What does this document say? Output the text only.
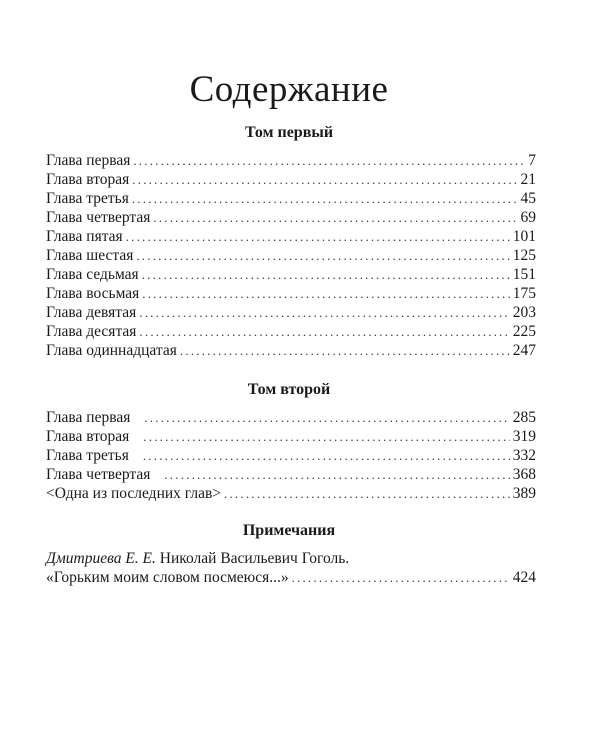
Содержание
Том первый
Глава первая .....	7
Глава вторая .....	21
Глава третья .....	45
Глава четвертая .....	69
Глава пятая .....	101
Глава шестая .....	125
Глава седьмая .....	151
Глава восьмая .....	175
Глава девятая .....	203
Глава десятая .....	225
Глава одиннадцатая .....	247
Том второй
Глава первая .....	285
Глава вторая .....	319
Глава третья .....	332
Глава четвертая .....	368
<Одна из последних глав> .....	389
Примечания
Дмитриева Е. Е. Николай Васильевич Гоголь.
«Горьким моим словом посмеюся...» .....	424
